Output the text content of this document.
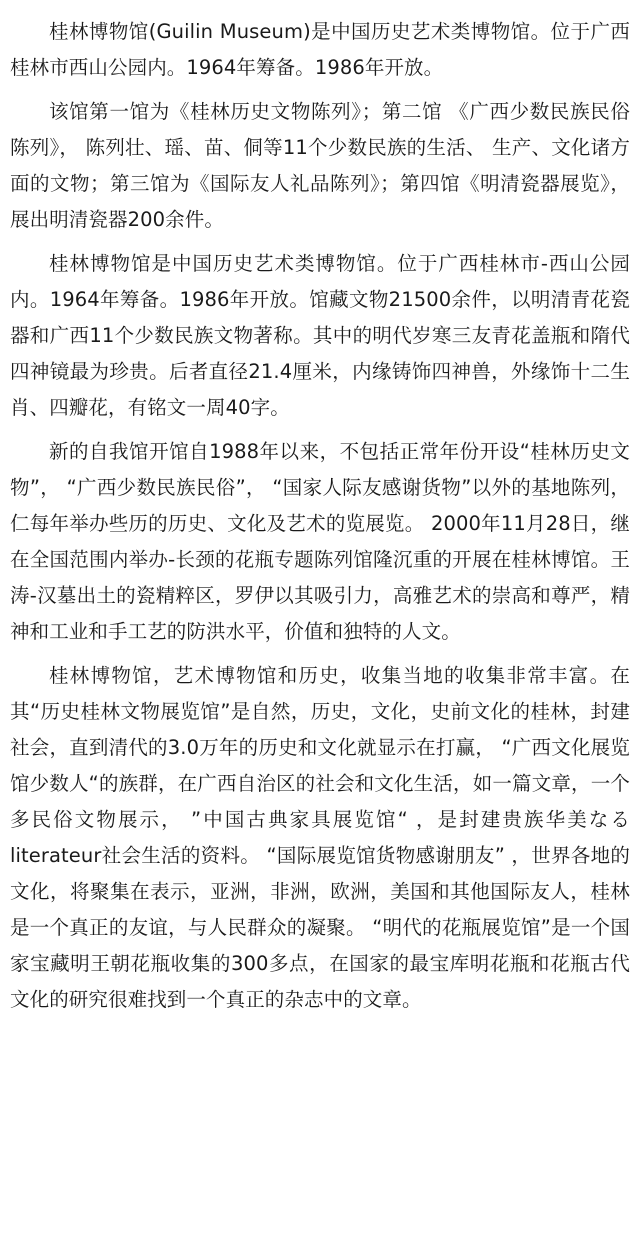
桂林博物馆(Guilin Museum)是中国历史艺术类博物馆。位于广西桂林市西山公园内。1964年筹备。1986年开放。

该馆第一馆为《桂林历史文物陈列》；第二馆 《广西少数民族民俗陈列》， 陈列壮、瑶、苗、侗等11个少数民族的生活、 生产、文化诸方面的文物；第三馆为《国际友人礼品陈列》；第四馆《明清瓷器展览》，展出明清瓷器200余件。

桂林博物馆是中国历史艺术类博物馆。位于广西桂林市-西山公园内。1964年筹备。1986年开放。馆藏文物21500余件，以明清青花瓷器和广西11个少数民族文物著称。其中的明代岁寒三友青花盖瓶和隋代四神镜最为珍贵。后者直径21.4厘米，内缘铸饰四神兽，外缘饰十二生肖、四瓣花，有铭文一周40字。

新的自我馆开馆自1988年以来，不包括正常年份开设“桂林历史文物”， “广西少数民族民俗”， “国家人际友感谢货物”以外的基地陈列，仁每年举办些历的历史、文化及艺术的览展览。 2000年11月28日，继在全国范围内举办-长颈的花瓶专题陈列馆隆沉重的开展在桂林博馆。王涛-汉墓出土的瓷精粹区，罗伊以其吸引力，高雅艺术的崇高和尊严，精神和工业和手工艺的防洪水平，价值和独特的人文。

桂林博物馆，艺术博物馆和历史，收集当地的收集非常丰富。在其“历史桂林文物展览馆”是自然，历史，文化，史前文化的桂林，封建社会，直到清代的3.0万年的历史和文化就显示在打赢， “广西文化展览馆少数人“的族群，在广西自治区的社会和文化生活，如一篇文章，一个多民俗文物展示， ”中国古典家具展览馆“ ，是封建贵族华美なるliterateur社会生活的资料。 “国际展览馆货物感谢朋友” ，世界各地的文化，将聚集在表示，亚洲，非洲，欧洲，美国和其他国际友人，桂林是一个真正的友谊，与人民群众的凝聚。 “明代的花瓶展览馆”是一个国家宝藏明王朝花瓶收集的300多点，在国家的最宝库明花瓶和花瓶古代文化的研究很难找到一个真正的杂志中的文章。
